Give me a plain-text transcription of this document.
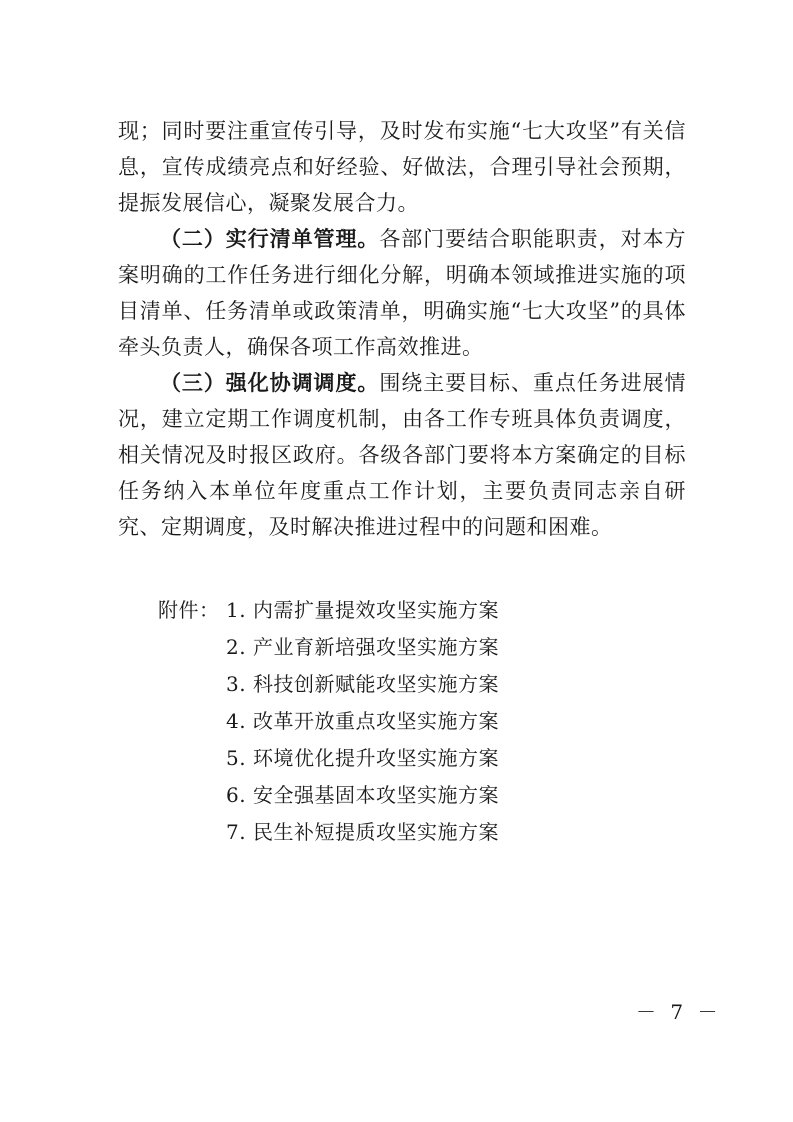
现；同时要注重宣传引导，及时发布实施“七大攻坚”有关信息，宣传成绩亮点和好经验、好做法，合理引导社会预期，提振发展信心，凝聚发展合力。

（二）实行清单管理。各部门要结合职能职责，对本方案明确的工作任务进行细化分解，明确本领域推进实施的项目清单、任务清单或政策清单，明确实施“七大攻坚”的具体牵头负责人，确保各项工作高效推进。

（三）强化协调调度。围绕主要目标、重点任务进展情况，建立定期工作调度机制，由各工作专班具体负责调度，相关情况及时报区政府。各级各部门要将本方案确定的目标任务纳入本单位年度重点工作计划，主要负责同志亲自研究、定期调度，及时解决推进过程中的问题和困难。

附件： 1. 内需扩量提效攻坚实施方案
2. 产业育新培强攻坚实施方案
3. 科技创新赋能攻坚实施方案
4. 改革开放重点攻坚实施方案
5. 环境优化提升攻坚实施方案
6. 安全强基固本攻坚实施方案
7. 民生补短提质攻坚实施方案
－ 7 －
